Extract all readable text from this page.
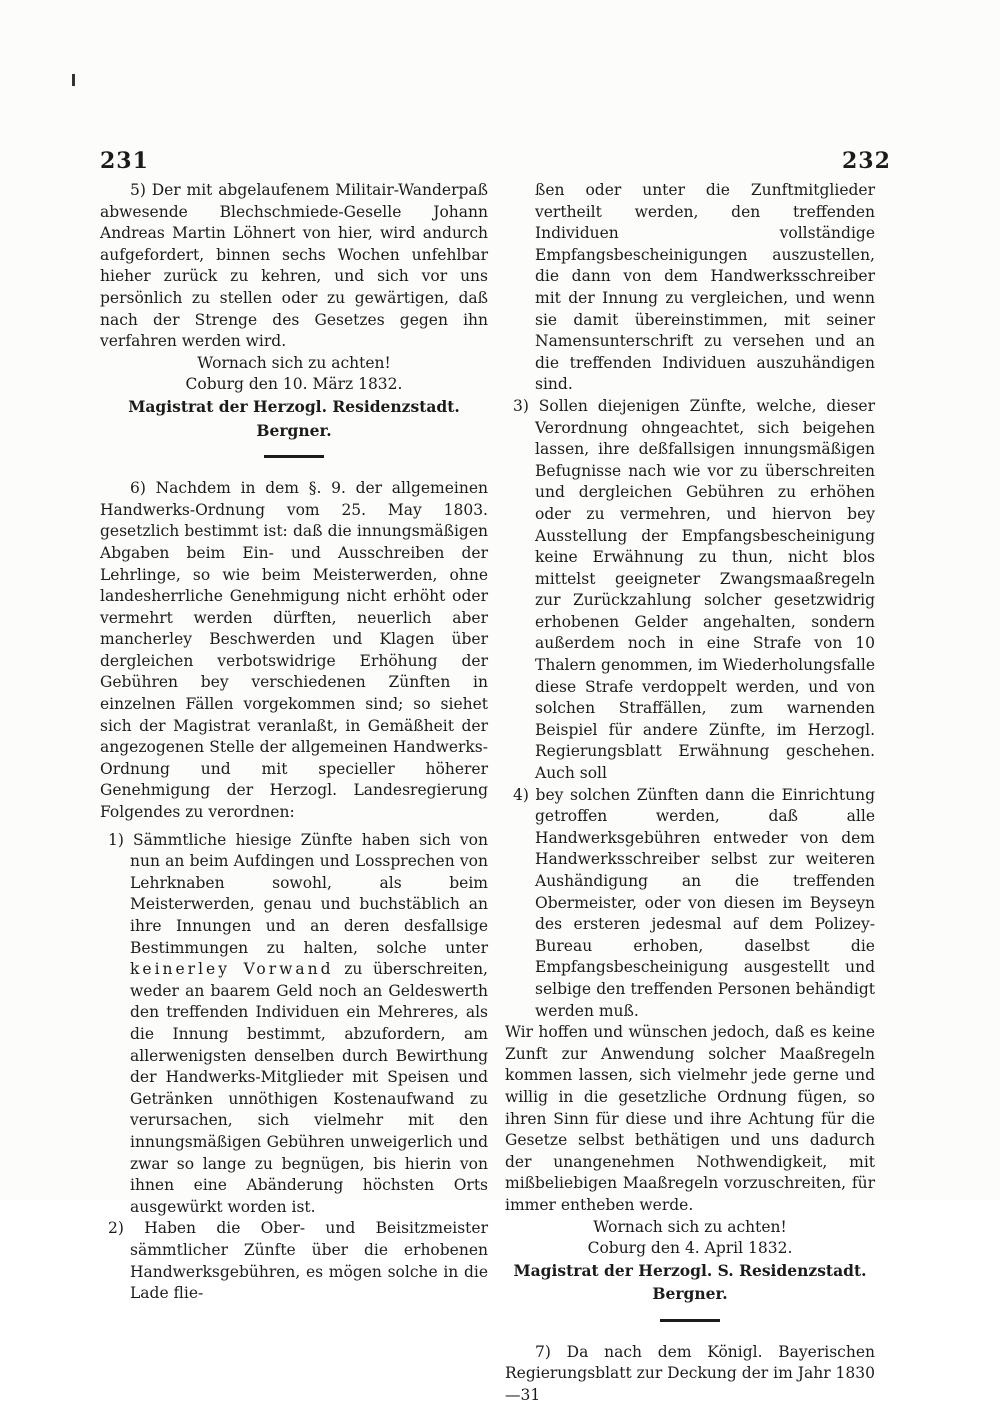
231	232

5) Der mit abgelaufenem Militair-Wanderpaß abwesende Blechschmiede-Geselle Johann Andreas Martin Löhnert von hier, wird andurch aufgefordert, binnen sechs Wochen unfehlbar hieher zurück zu kehren, und sich vor uns persönlich zu stellen oder zu gewärtigen, daß nach der Strenge des Gesetzes gegen ihn verfahren werden wird.

Wornach sich zu achten!

Coburg den 10. März 1832.

Magistrat der Herzogl. Residenzstadt.

Bergner.

6) Nachdem in dem §. 9. der allgemeinen Handwerks-Ordnung vom 25. May 1803. gesetzlich bestimmt ist: daß die innungsmäßigen Abgaben beim Ein- und Ausschreiben der Lehrlinge, so wie beim Meisterwerden, ohne landesherrliche Genehmigung nicht erhöht oder vermehrt werden dürften, neuerlich aber mancherley Beschwerden und Klagen über dergleichen verbotswidrige Erhöhung der Gebühren bey verschiedenen Zünften in einzelnen Fällen vorgekommen sind; so siehet sich der Magistrat veranlaßt, in Gemäßheit der angezogenen Stelle der allgemeinen Handwerks-Ordnung und mit specieller höherer Genehmigung der Herzogl. Landesregierung Folgendes zu verordnen:

1) Sämmtliche hiesige Zünfte haben sich von nun an beim Aufdingen und Lossprechen von Lehrknaben sowohl, als beim Meisterwerden, genau und buchstäblich an ihre Innungen und an deren desfallsige Bestimmungen zu halten, solche unter keinerley Vorwand zu überschreiten, weder an baarem Geld noch an Geldeswerth den treffenden Individuen ein Mehreres, als die Innung bestimmt, abzufordern, am allerwenigsten denselben durch Bewirthung der Handwerks-Mitglieder mit Speisen und Getränken unnöthigen Kostenaufwand zu verursachen, sich vielmehr mit den innungsmäßigen Gebühren unweigerlich und zwar so lange zu begnügen, bis hierin von ihnen eine Abänderung höchsten Orts ausgewürkt worden ist.

2) Haben die Ober- und Beisitzmeister sämmtlicher Zünfte über die erhobenen Handwerksgebühren, es mögen solche in die Lade flie-

ßen oder unter die Zunftmitglieder vertheilt werden, den treffenden Individuen vollständige Empfangsbescheinigungen auszustellen, die dann von dem Handwerksschreiber mit der Innung zu vergleichen, und wenn sie damit übereinstimmen, mit seiner Namensunterschrift zu versehen und an die treffenden Individuen auszuhändigen sind.

3) Sollen diejenigen Zünfte, welche, dieser Verordnung ohngeachtet, sich beigehen lassen, ihre deßfallsigen innungsmäßigen Befugnisse nach wie vor zu überschreiten und dergleichen Gebühren zu erhöhen oder zu vermehren, und hiervon bey Ausstellung der Empfangsbescheinigung keine Erwähnung zu thun, nicht blos mittelst geeigneter Zwangsmaaßregeln zur Zurückzahlung solcher gesetzwidrig erhobenen Gelder angehalten, sondern außerdem noch in eine Strafe von 10 Thalern genommen, im Wiederholungsfalle diese Strafe verdoppelt werden, und von solchen Straffällen, zum warnenden Beispiel für andere Zünfte, im Herzogl. Regierungsblatt Erwähnung geschehen. Auch soll

4) bey solchen Zünften dann die Einrichtung getroffen werden, daß alle Handwerksgebühren entweder von dem Handwerksschreiber selbst zur weiteren Aushändigung an die treffenden Obermeister, oder von diesen im Beyseyn des ersteren jedesmal auf dem Polizey-Bureau erhoben, daselbst die Empfangsbescheinigung ausgestellt und selbige den treffenden Personen behändigt werden muß.

Wir hoffen und wünschen jedoch, daß es keine Zunft zur Anwendung solcher Maaßregeln kommen lassen, sich vielmehr jede gerne und willig in die gesetzliche Ordnung fügen, so ihren Sinn für diese und ihre Achtung für die Gesetze selbst bethätigen und uns dadurch der unangenehmen Nothwendigkeit, mit mißbeliebigen Maaßregeln vorzuschreiten, für immer entheben werde.

Wornach sich zu achten!

Coburg den 4. April 1832.

Magistrat der Herzogl. S. Residenzstadt.

Bergner.

7) Da nach dem Königl. Bayerischen Regierungsblatt zur Deckung der im Jahr 1830—31
